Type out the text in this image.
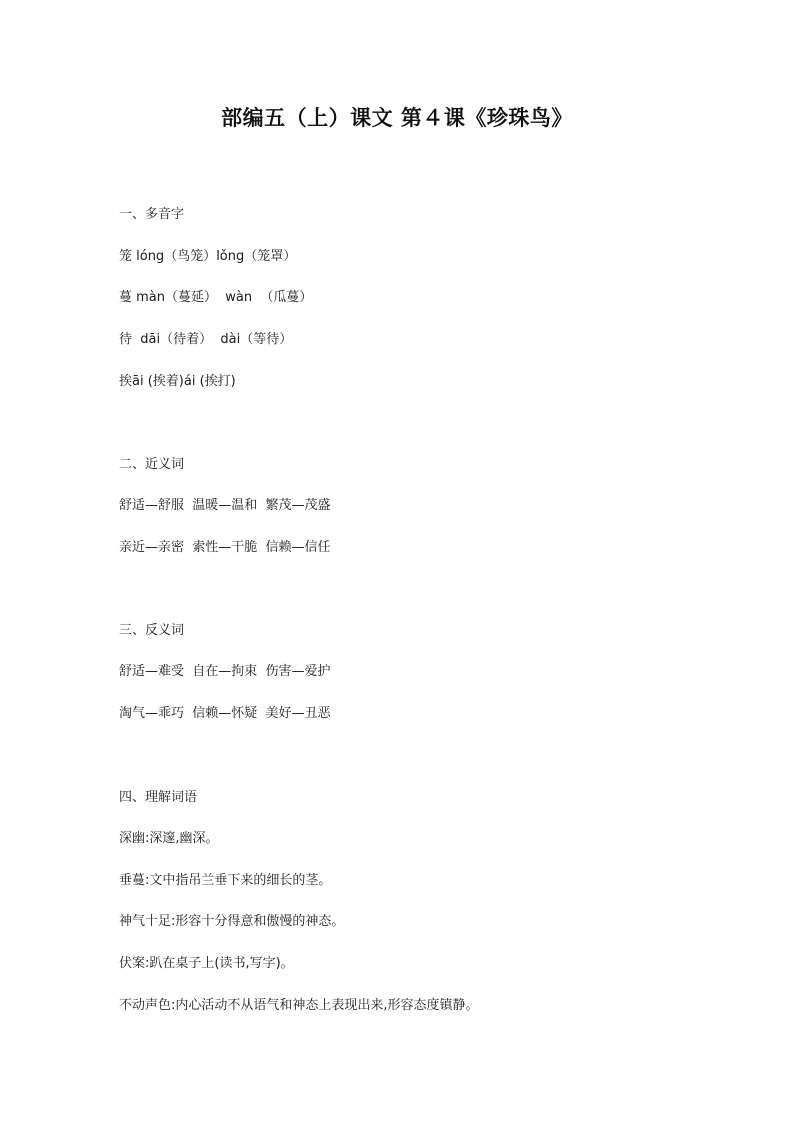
部编五（上）课文 第４课《珍珠鸟》
一、多音字
笼 lóng（鸟笼）lǒng（笼罩）
蔓 màn（蔓延）  wàn  （瓜蔓）
待  dāi（待着）  dài（等待）
挨āi (挨着)ái (挨打)
二、近义词
舒适—舒服  温暖—温和  繁茂—茂盛
亲近—亲密  索性—干脆  信赖—信任
三、反义词
舒适—难受  自在—拘束  伤害—爱护
淘气—乖巧  信赖—怀疑  美好—丑恶
四、理解词语
深幽:深邃,幽深。
垂蔓:文中指吊兰垂下来的细长的茎。
神气十足:形容十分得意和傲慢的神态。
伏案:趴在桌子上(读书,写字)。
不动声色:内心活动不从语气和神态上表现出来,形容态度镇静。
